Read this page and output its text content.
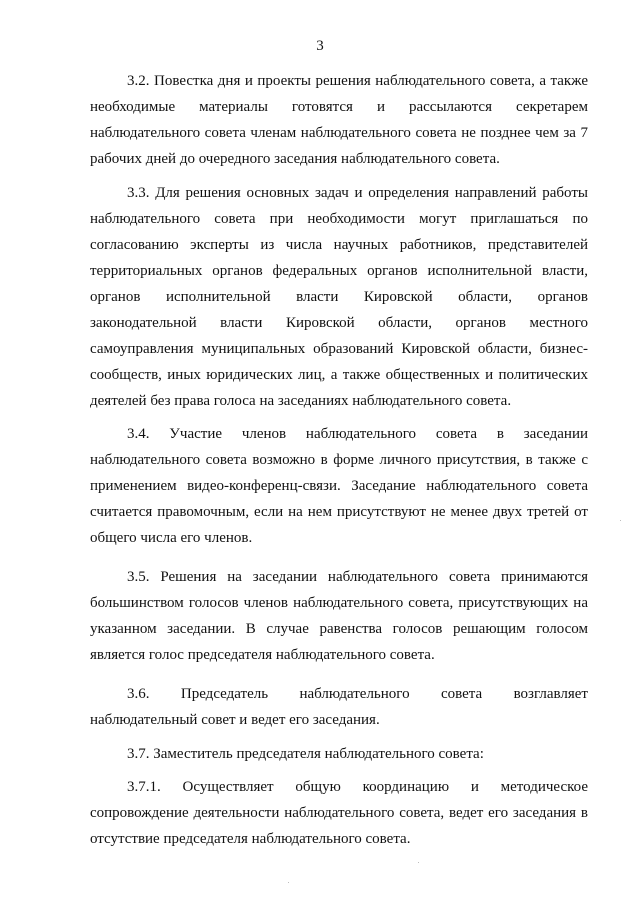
3

3.2. Повестка дня и проекты решения наблюдательного совета, а также необходимые материалы готовятся и рассылаются секретарем наблюдательного совета членам наблюдательного совета не позднее чем за 7 рабочих дней до очередного заседания наблюдательного совета.

3.3. Для решения основных задач и определения направлений работы наблюдательного совета при необходимости могут приглашаться по согласованию эксперты из числа научных работников, представителей территориальных органов федеральных органов исполнительной власти, органов исполнительной власти Кировской области, органов законодательной власти Кировской области, органов местного самоуправления муниципальных образований Кировской области, бизнес-сообществ, иных юридических лиц, а также общественных и политических деятелей без права голоса на заседаниях наблюдательного совета.

3.4. Участие членов наблюдательного совета в заседании наблюдательного совета возможно в форме личного присутствия, в также с применением видео-конференц-связи. Заседание наблюдательного совета считается правомочным, если на нем присутствуют не менее двух третей от общего числа его членов.

3.5. Решения на заседании наблюдательного совета принимаются большинством голосов членов наблюдательного совета, присутствующих на указанном заседании. В случае равенства голосов решающим голосом является голос председателя наблюдательного совета.

3.6. Председатель наблюдательного совета возглавляет наблюдательный совет и ведет его заседания.

3.7. Заместитель председателя наблюдательного совета:

3.7.1. Осуществляет общую координацию и методическое сопровождение деятельности наблюдательного совета, ведет его заседания в отсутствие председателя наблюдательного совета.
